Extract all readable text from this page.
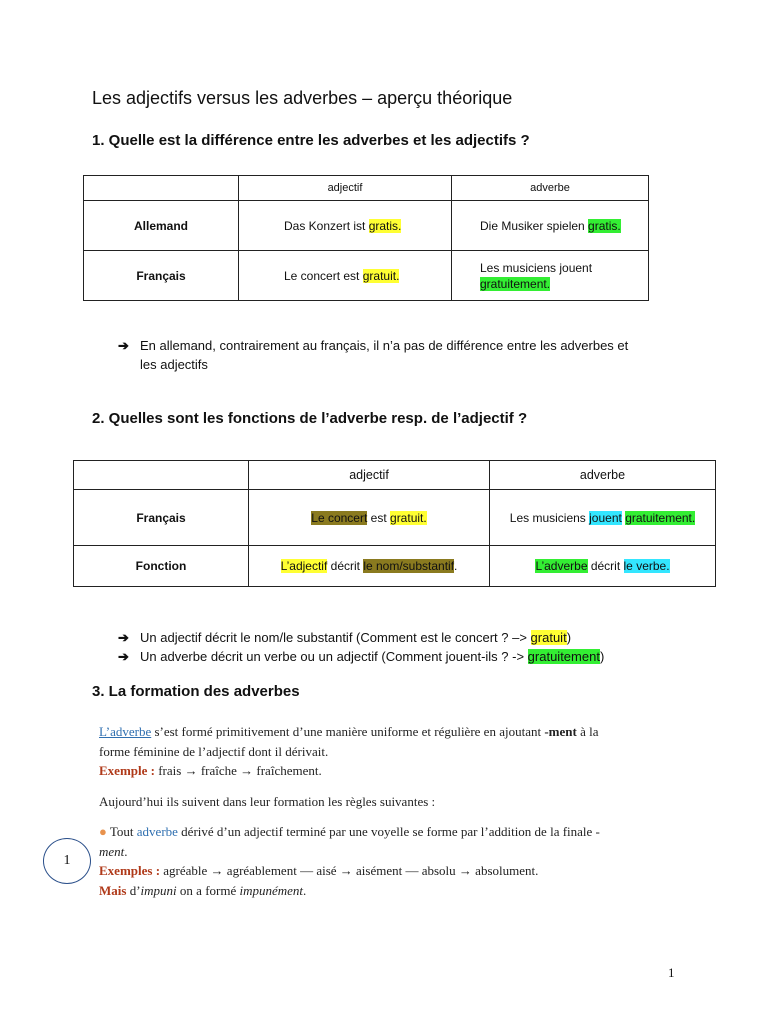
Les adjectifs versus les adverbes – aperçu théorique
1. Quelle est la différence entre les adverbes et les adjectifs ?
	adjectif	adverbe
Allemand	Das Konzert ist gratis.	Die Musiker spielen gratis.
Français	Le concert est gratuit.	Les musiciens jouent
gratuitement.
➔ En allemand, contrairement au français, il n’a pas de différence entre les adverbes et
les adjectifs
2. Quelles sont les fonctions de l’adverbe resp. de l’adjectif ?
	adjectif	adverbe
Français	Le concert est gratuit.	Les musiciens jouent gratuitement.
Fonction	L’adjectif décrit le nom/substantif.	L’adverbe décrit le verbe.
➔ Un adjectif décrit le nom/le substantif (Comment est le concert ? –> gratuit)
➔ Un adverbe décrit un verbe ou un adjectif (Comment jouent-ils ? -> gratuitement)
3. La formation des adverbes
L’adverbe s’est formé primitivement d’une manière uniforme et régulière en ajoutant -ment à la
forme féminine de l’adjectif dont il dérivait.
Exemple : frais → fraîche → fraîchement.
Aujourd’hui ils suivent dans leur formation les règles suivantes :
● Tout adverbe dérivé d’un adjectif terminé par une voyelle se forme par l’addition de la finale -
ment.
Exemples : agréable → agréablement — aisé → aisément — absolu → absolument.
Mais d’impuni on a formé impunément.
1
1
